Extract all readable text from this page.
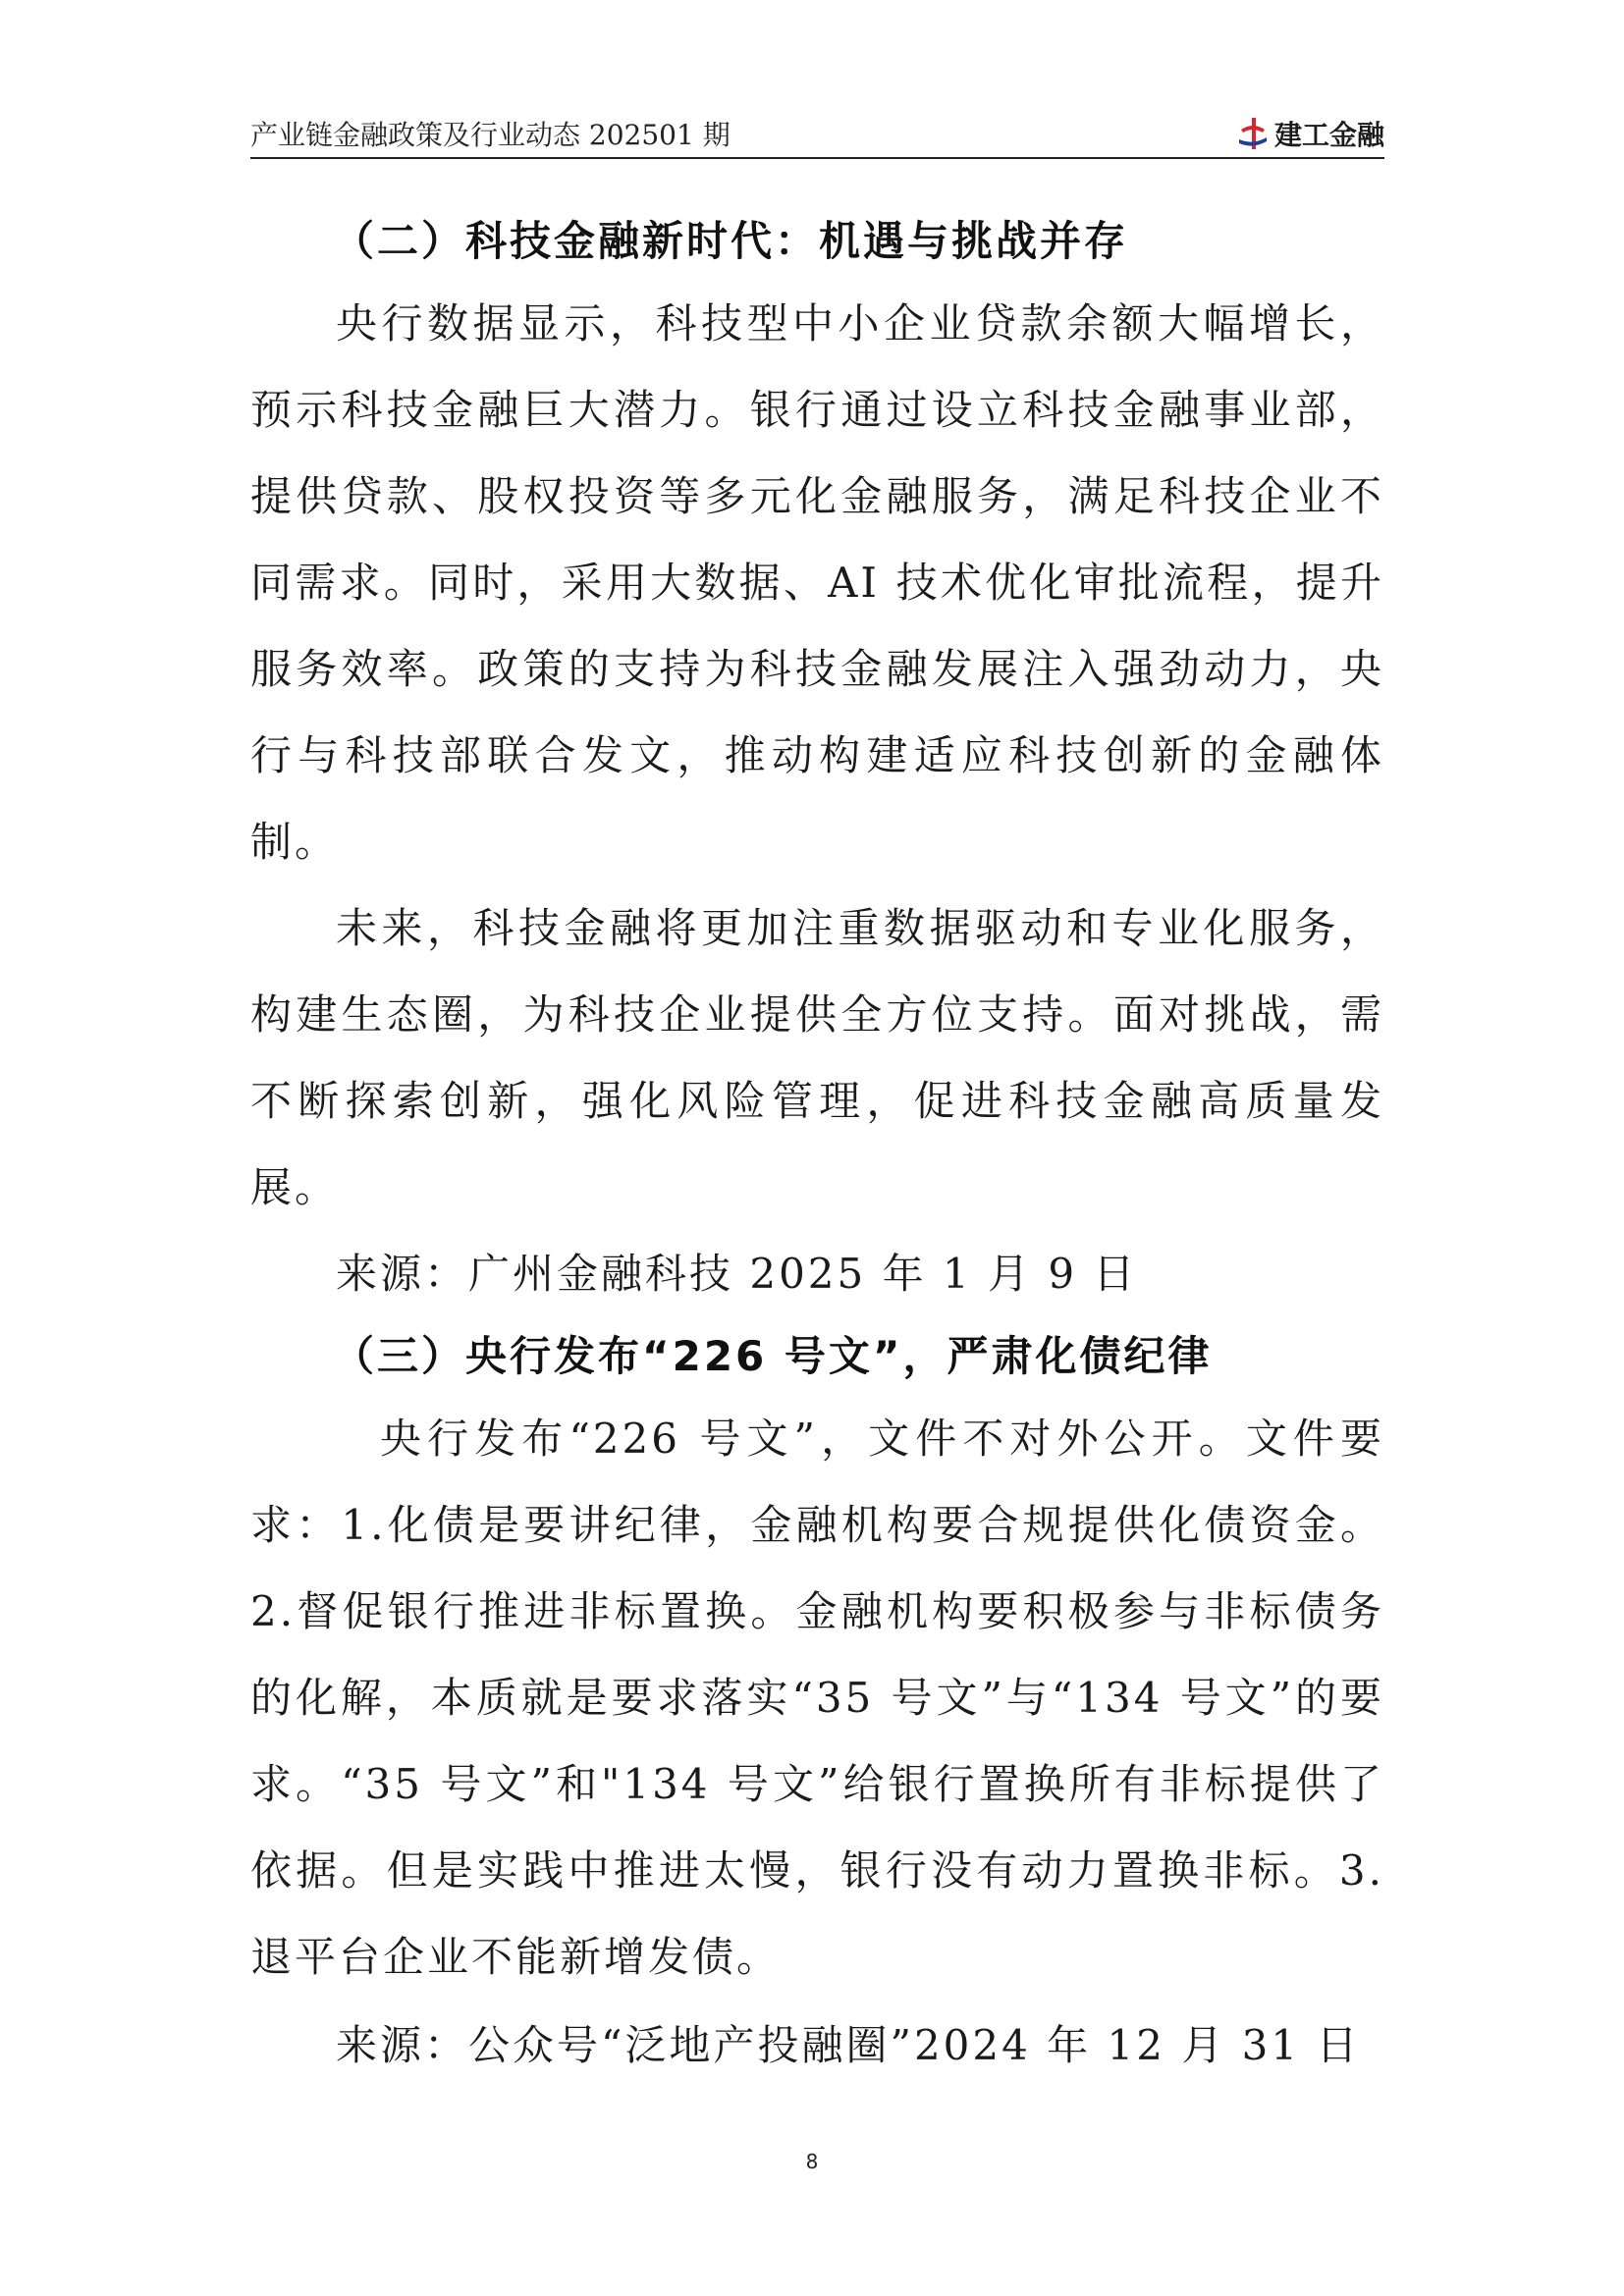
产业链金融政策及行业动态 202501 期	建工金融
（二）科技金融新时代：机遇与挑战并存

央行数据显示，科技型中小企业贷款余额大幅增长，预示科技金融巨大潜力。银行通过设立科技金融事业部，提供贷款、股权投资等多元化金融服务，满足科技企业不同需求。同时，采用大数据、AI 技术优化审批流程，提升服务效率。政策的支持为科技金融发展注入强劲动力，央行与科技部联合发文，推动构建适应科技创新的金融体制。

未来，科技金融将更加注重数据驱动和专业化服务，构建生态圈，为科技企业提供全方位支持。面对挑战，需不断探索创新，强化风险管理，促进科技金融高质量发展。

来源：广州金融科技 2025 年 1 月 9 日

（三）央行发布“226 号文”，严肃化债纪律

央行发布“226 号文”，文件不对外公开。文件要求：1.化债是要讲纪律，金融机构要合规提供化债资金。2.督促银行推进非标置换。金融机构要积极参与非标债务的化解，本质就是要求落实“35 号文”与“134 号文”的要求。“35 号文”和"134 号文”给银行置换所有非标提供了依据。但是实践中推进太慢，银行没有动力置换非标。3.退平台企业不能新增发债。

来源：公众号“泛地产投融圈”2024 年 12 月 31 日

8
